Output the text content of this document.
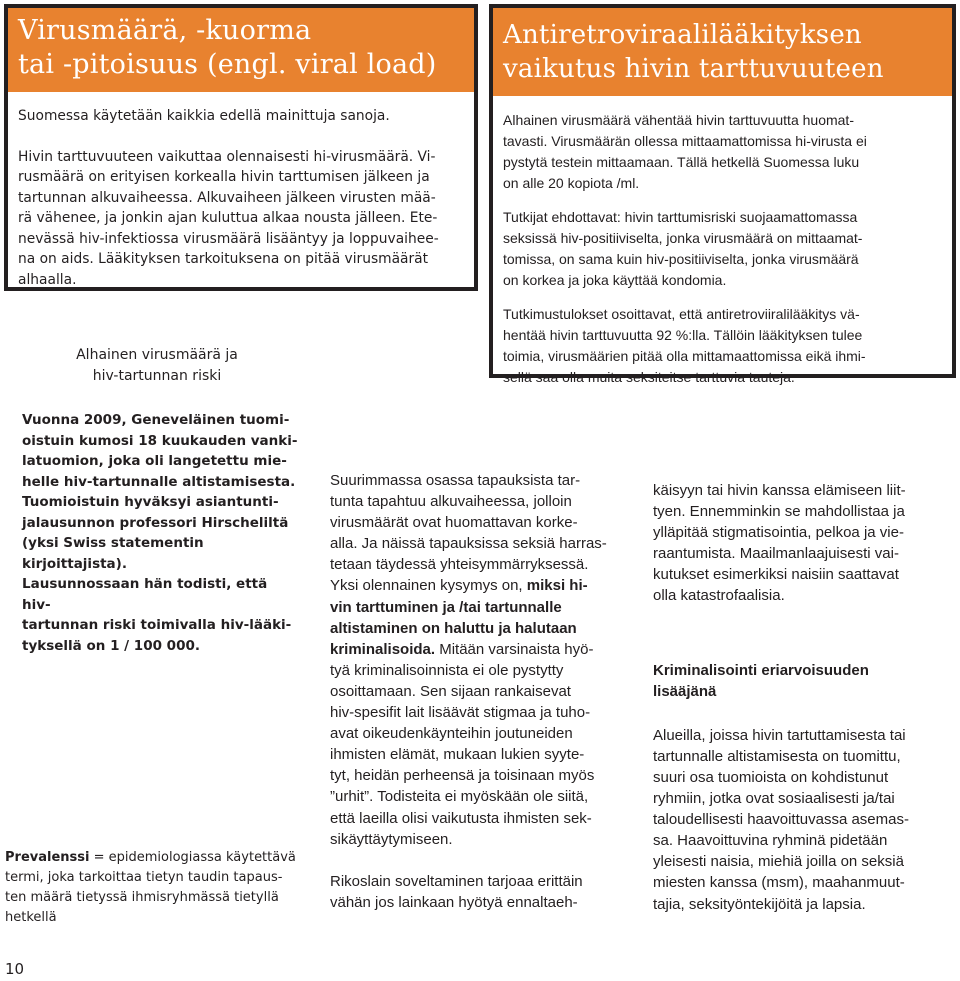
Virusmäärä, -kuorma
tai -pitoisuus (engl. viral load)

Suomessa käytetään kaikkia edellä mainittuja sanoja.

Hivin tarttuvuuteen vaikuttaa olennaisesti hi-virusmäärä. Vi-
rusmäärä on erityisen korkealla hivin tarttumisen jälkeen ja
tartunnan alkuvaiheessa. Alkuvaiheen jälkeen virusten mää-
rä vähenee, ja jonkin ajan kuluttua alkaa nousta jälleen. Ete-
nevässä hiv-infektiossa virusmäärä lisääntyy ja loppuvaihee-
na on aids. Lääkityksen tarkoituksena on pitää virusmäärät
alhaalla.
Antiretroviraalilääkityksen
vaikutus hivin tarttuvuuteen
Alhainen virusmäärä vähentää hivin tarttuvuutta huomat-
tavasti. Virusmäärän ollessa mittaamattomissa hi-virusta ei
pystytä testein mittaamaan. Tällä hetkellä Suomessa luku
on alle 20 kopiota /ml.
Tutkijat ehdottavat: hivin tarttumisriski suojaamattomassa
seksissä hiv-positiiviselta, jonka virusmäärä on mittaamat-
tomissa, on sama kuin hiv-positiiviselta, jonka virusmäärä
on korkea ja joka käyttää kondomia.
Tutkimustulokset osoittavat, että antiretroviiralilääkitys vä-
hentää hivin tarttuvuutta 92 %:lla. Tällöin lääkityksen tulee
toimia, virusmäärien pitää olla mittamaattomissa eikä ihmi-
sellä saa olla muita seksiteitse tarttuvia tauteja.
Alhainen virusmäärä ja
hiv-tartunnan riski
Vuonna 2009, Geneveläinen tuomi-
oistuin kumosi 18 kuukauden vanki-
latuomion, joka oli langetettu mie-
helle hiv-tartunnalle altistamisesta.
Tuomioistuin hyväksyi asiantunti-
jalausunnon professori Hirscheliltä
(yksi Swiss statementin kirjoittajista).
Lausunnossaan hän todisti, että hiv-
tartunnan riski toimivalla hiv-lääki-
tyksellä on 1 / 100 000.
Prevalenssi = epidemiologiassa käytettävä
termi, joka tarkoittaa tietyn taudin tapaus-
ten määrä tietyssä ihmisryhmässä tietyllä
hetkellä
10
Suurimmassa osassa tapauksista tar-
tunta tapahtuu alkuvaiheessa, jolloin
virusmäärät ovat huomattavan korke-
alla. Ja näissä tapauksissa seksiä harras-
tetaan täydessä yhteisymmärryksessä.
Yksi olennainen kysymys on, miksi hi-
vin tarttuminen ja /tai tartunnalle
altistaminen on haluttu ja halutaan
kriminalisoida. Mitään varsinaista hyö-
tyä kriminalisoinnista ei ole pystytty
osoittamaan. Sen sijaan rankaisevat
hiv-spesifit lait lisäävät stigmaa ja tuho-
avat oikeudenkäynteihin joutuneiden
ihmisten elämät, mukaan lukien syyte-
tyt, heidän perheensä ja toisinaan myös
”urhit”. Todisteita ei myöskään ole siitä,
että laeilla olisi vaikutusta ihmisten sek-
sikäyttäytymiseen.
Rikoslain soveltaminen tarjoaa erittäin
vähän jos lainkaan hyötyä ennaltaeh-
käisyyn tai hivin kanssa elämiseen liit-
tyen. Ennemminkin se mahdollistaa ja
ylläpitää stigmatisointia, pelkoa ja vie-
raantumista. Maailmanlaajuisesti vai-
kutukset esimerkiksi naisiin saattavat
olla katastrofaalisia.
Kriminalisointi eriarvoisuuden
lisääjänä
Alueilla, joissa hivin tartuttamisesta tai
tartunnalle altistamisesta on tuomittu,
suuri osa tuomioista on kohdistunut
ryhmiin, jotka ovat sosiaalisesti ja/tai
taloudellisesti haavoittuvassa asemas-
sa. Haavoittuvina ryhminä pidetään
yleisesti naisia, miehiä joilla on seksiä
miesten kanssa (msm), maahanmuut-
tajia, seksityöntekijöitä ja lapsia.
